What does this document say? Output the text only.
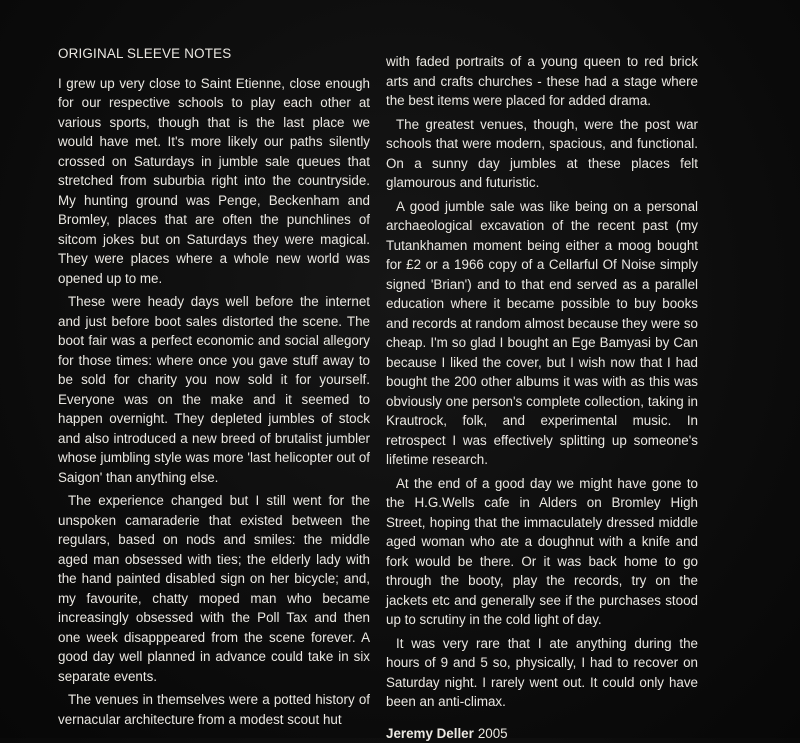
ORIGINAL SLEEVE NOTES

I grew up very close to Saint Etienne, close enough for our respective schools to play each other at various sports, though that is the last place we would have met. It's more likely our paths silently crossed on Saturdays in jumble sale queues that stretched from suburbia right into the countryside. My hunting ground was Penge, Beckenham and Bromley, places that are often the punchlines of sitcom jokes but on Saturdays they were magical. They were places where a whole new world was opened up to me.

These were heady days well before the internet and just before boot sales distorted the scene. The boot fair was a perfect economic and social allegory for those times: where once you gave stuff away to be sold for charity you now sold it for yourself. Everyone was on the make and it seemed to happen overnight. They depleted jumbles of stock and also introduced a new breed of brutalist jumbler whose jumbling style was more 'last helicopter out of Saigon' than anything else.

The experience changed but I still went for the unspoken camaraderie that existed between the regulars, based on nods and smiles: the middle aged man obsessed with ties; the elderly lady with the hand painted disabled sign on her bicycle; and, my favourite, chatty moped man who became increasingly obsessed with the Poll Tax and then one week disapppeared from the scene forever. A good day well planned in advance could take in six separate events.

The venues in themselves were a potted history of vernacular architecture from a modest scout hut

with faded portraits of a young queen to red brick arts and crafts churches - these had a stage where the best items were placed for added drama.

The greatest venues, though, were the post war schools that were modern, spacious, and functional. On a sunny day jumbles at these places felt glamourous and futuristic.

A good jumble sale was like being on a personal archaeological excavation of the recent past (my Tutankhamen moment being either a moog bought for £2 or a 1966 copy of a Cellarful Of Noise simply signed 'Brian') and to that end served as a parallel education where it became possible to buy books and records at random almost because they were so cheap. I'm so glad I bought an Ege Bamyasi by Can because I liked the cover, but I wish now that I had bought the 200 other albums it was with as this was obviously one person's complete collection, taking in Krautrock, folk, and experimental music. In retrospect I was effectively splitting up someone's lifetime research.

At the end of a good day we might have gone to the H.G.Wells cafe in Alders on Bromley High Street, hoping that the immaculately dressed middle aged woman who ate a doughnut with a knife and fork would be there. Or it was back home to go through the booty, play the records, try on the jackets etc and generally see if the purchases stood up to scrutiny in the cold light of day.

It was very rare that I ate anything during the hours of 9 and 5 so, physically, I had to recover on Saturday night. I rarely went out. It could only have been an anti-climax.

Jeremy Deller 2005
